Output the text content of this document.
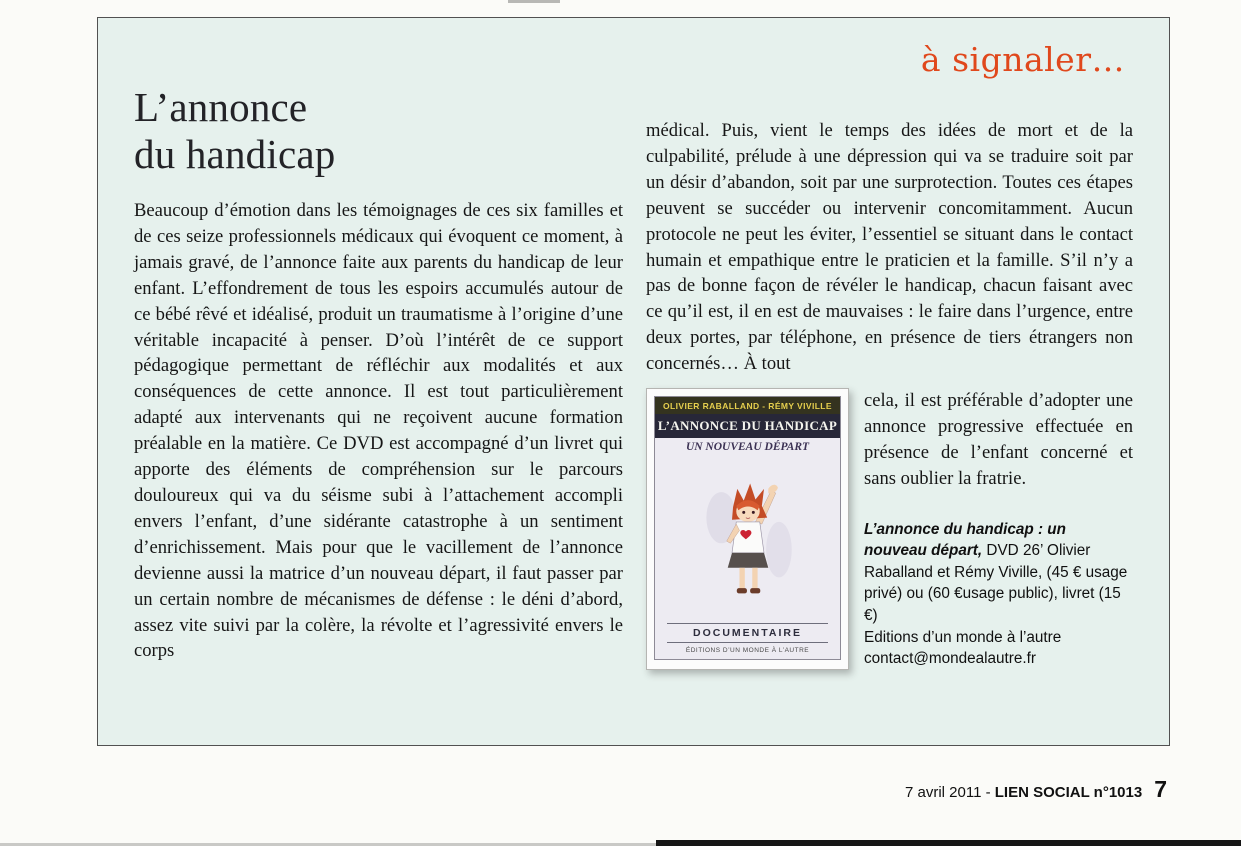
à signaler…
L’annonce
du handicap

Beaucoup d’émotion dans les témoignages de ces six familles et de ces seize professionnels médicaux qui évoquent ce moment, à jamais gravé, de l’annonce faite aux parents du handicap de leur enfant. L’effondrement de tous les espoirs accumulés autour de ce bébé rêvé et idéalisé, produit un traumatisme à l’origine d’une véritable incapacité à penser. D’où l’intérêt de ce support pédagogique permettant de réfléchir aux modalités et aux conséquences de cette annonce. Il est tout particulièrement adapté aux intervenants qui ne reçoivent aucune formation préalable en la matière. Ce DVD est accompagné d’un livret qui apporte des éléments de compréhension sur le parcours douloureux qui va du séisme subi à l’attachement accompli envers l’enfant, d’une sidérante catastrophe à un sentiment d’enrichissement. Mais pour que le vacillement de l’annonce devienne aussi la matrice d’un nouveau départ, il faut passer par un certain nombre de mécanismes de défense : le déni d’abord, assez vite suivi par la colère, la révolte et l’agressivité envers le corps

médical. Puis, vient le temps des idées de mort et de la culpabilité, prélude à une dépression qui va se traduire soit par un désir d’abandon, soit par une surprotection. Toutes ces étapes peuvent se succéder ou intervenir concomitamment. Aucun protocole ne peut les éviter, l’essentiel se situant dans le contact humain et empathique entre le praticien et la famille. S’il n’y a pas de bonne façon de révéler le handicap, chacun faisant avec ce qu’il est, il en est de mauvaises : le faire dans l’urgence, entre deux portes, par téléphone, en présence de tiers étrangers non concernés… À tout

OLIVIER RABALLAND - RÉMY VIVILLE
L’ANNONCE DU HANDICAP
UN NOUVEAU DÉPART
DOCUMENTAIRE
ÉDITIONS D’UN MONDE À L’AUTRE

cela, il est préférable d’adopter une annonce progressive effectuée en présence de l’enfant concerné et sans oublier la fratrie.

L’annonce du handicap : un nouveau départ, DVD 26’ Olivier Raballand et Rémy Viville, (45 € usage privé) ou (60 €usage public), livret (15 €)
Editions d’un monde à l’autre
contact@mondealautre.fr
7 avril 2011 - LIEN SOCIAL n°1013 7
